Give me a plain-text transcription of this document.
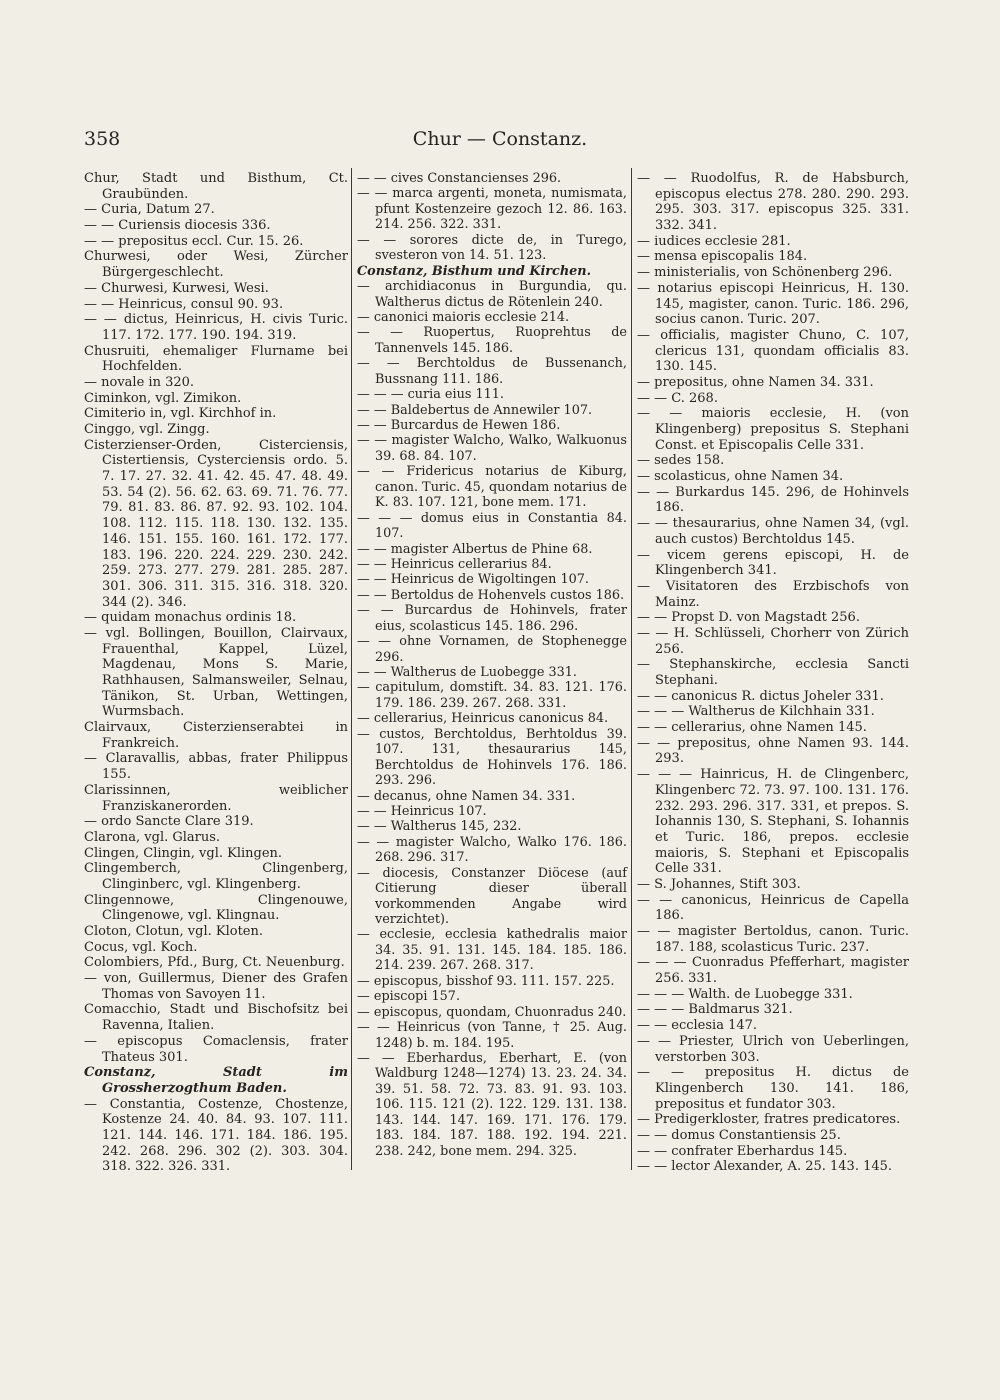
358	Chur — Constanz.

Chur, Stadt und Bisthum, Ct. Graubünden.

— Curia, Datum 27.

— — Curiensis diocesis 336.

— — prepositus eccl. Cur. 15. 26.

Churwesi, oder Wesi, Zürcher Bürgergeschlecht.

— Churwesi, Kurwesi, Wesi.

— — Heinricus, consul 90. 93.

— — dictus, Heinricus, H. civis Turic. 117. 172. 177. 190. 194. 319.

Chusruiti, ehemaliger Flurname bei Hochfelden.

— novale in 320.

Ciminkon, vgl. Zimikon.

Cimiterio in, vgl. Kirchhof in.

Cinggo, vgl. Zingg.

Cisterzienser-Orden, Cisterciensis, Cistertiensis, Cysterciensis ordo. 5. 7. 17. 27. 32. 41. 42. 45. 47. 48. 49. 53. 54 (2). 56. 62. 63. 69. 71. 76. 77. 79. 81. 83. 86. 87. 92. 93. 102. 104. 108. 112. 115. 118. 130. 132. 135. 146. 151. 155. 160. 161. 172. 177. 183. 196. 220. 224. 229. 230. 242. 259. 273. 277. 279. 281. 285. 287. 301. 306. 311. 315. 316. 318. 320. 344 (2). 346.

— quidam monachus ordinis 18.

— vgl. Bollingen, Bouillon, Clairvaux, Frauenthal, Kappel, Lüzel, Magdenau, Mons S. Marie, Rathhausen, Salmansweiler, Selnau, Tänikon, St. Urban, Wettingen, Wurmsbach.

Clairvaux, Cisterzienserabtei in Frankreich.

— Claravallis, abbas, frater Philippus 155.

Clarissinnen, weiblicher Franziskanerorden.

— ordo Sancte Clare 319.

Clarona, vgl. Glarus.

Clingen, Clingin, vgl. Klingen.

Clingemberch, Clingenberg, Clinginberc, vgl. Klingenberg.

Clingennowe, Clingenouwe, Clingenowe, vgl. Klingnau.

Cloton, Clotun, vgl. Kloten.

Cocus, vgl. Koch.

Colombiers, Pfd., Burg, Ct. Neuenburg.

— von, Guillermus, Diener des Grafen Thomas von Savoyen 11.

Comacchio, Stadt und Bischofsitz bei Ravenna, Italien.

— episcopus Comaclensis, frater Thateus 301.

Constanz, Stadt im Grossherzogthum Baden.

— Constantia, Costenze, Chostenze, Kostenze 24. 40. 84. 93. 107. 111. 121. 144. 146. 171. 184. 186. 195. 242. 268. 296. 302 (2). 303. 304. 318. 322. 326. 331.

— — cives Constancienses 296.

— — marca argenti, moneta, numismata, pfunt Kostenzeire gezoch 12. 86. 163. 214. 256. 322. 331.

— — sorores dicte de, in Turego, svesteron von 14. 51. 123.

Constanz, Bisthum und Kirchen.

— archidiaconus in Burgundia, qu. Waltherus dictus de Rötenlein 240.

— canonici maioris ecclesie 214.

— — Ruopertus, Ruoprehtus de Tannenvels 145. 186.

— — Berchtoldus de Bussenanch, Bussnang 111. 186.

— — — curia eius 111.

— — Baldebertus de Annewiler 107.

— — Burcardus de Hewen 186.

— — magister Walcho, Walko, Walkuonus 39. 68. 84. 107.

— — Fridericus notarius de Kiburg, canon. Turic. 45, quondam notarius de K. 83. 107. 121, bone mem. 171.

— — — domus eius in Constantia 84. 107.

— — magister Albertus de Phine 68.

— — Heinricus cellerarius 84.

— — Heinricus de Wigoltingen 107.

— — Bertoldus de Hohenvels custos 186.

— — Burcardus de Hohinvels, frater eius, scolasticus 145. 186. 296.

— — ohne Vornamen, de Stophenegge 296.

— — Waltherus de Luobegge 331.

— capitulum, domstift. 34. 83. 121. 176. 179. 186. 239. 267. 268. 331.

— cellerarius, Heinricus canonicus 84.

— custos, Berchtoldus, Berhtoldus 39. 107. 131, thesaurarius 145, Berchtoldus de Hohinvels 176. 186. 293. 296.

— decanus, ohne Namen 34. 331.

— — Heinricus 107.

— — Waltherus 145, 232.

— — magister Walcho, Walko 176. 186. 268. 296. 317.

— diocesis, Constanzer Diöcese (auf Citierung dieser überall vorkommenden Angabe wird verzichtet).

— ecclesie, ecclesia kathedralis maior 34. 35. 91. 131. 145. 184. 185. 186. 214. 239. 267. 268. 317.

— episcopus, bisshof 93. 111. 157. 225.

— episcopi 157.

— episcopus, quondam, Chuonradus 240.

— — Heinricus (von Tanne, † 25. Aug. 1248) b. m. 184. 195.

— — Eberhardus, Eberhart, E. (von Waldburg 1248—1274) 13. 23. 24. 34. 39. 51. 58. 72. 73. 83. 91. 93. 103. 106. 115. 121 (2). 122. 129. 131. 138. 143. 144. 147. 169. 171. 176. 179. 183. 184. 187. 188. 192. 194. 221. 238. 242, bone mem. 294. 325.

— — Ruodolfus, R. de Habsburch, episcopus electus 278. 280. 290. 293. 295. 303. 317. episcopus 325. 331. 332. 341.

— iudices ecclesie 281.

— mensa episcopalis 184.

— ministerialis, von Schönenberg 296.

— notarius episcopi Heinricus, H. 130. 145, magister, canon. Turic. 186. 296, socius canon. Turic. 207.

— officialis, magister Chuno, C. 107, clericus 131, quondam officialis 83. 130. 145.

— prepositus, ohne Namen 34. 331.

— — C. 268.

— — maioris ecclesie, H. (von Klingenberg) prepositus S. Stephani Const. et Episcopalis Celle 331.

— sedes 158.

— scolasticus, ohne Namen 34.

— — Burkardus 145. 296, de Hohinvels 186.

— — thesaurarius, ohne Namen 34, (vgl. auch custos) Berchtoldus 145.

— vicem gerens episcopi, H. de Klingenberch 341.

— Visitatoren des Erzbischofs von Mainz.

— — Propst D. von Magstadt 256.

— — H. Schlüsseli, Chorherr von Zürich 256.

— Stephanskirche, ecclesia Sancti Stephani.

— — canonicus R. dictus Joheler 331.

— — — Waltherus de Kilchhain 331.

— — cellerarius, ohne Namen 145.

— — prepositus, ohne Namen 93. 144. 293.

— — — Hainricus, H. de Clingenberc, Klingenberc 72. 73. 97. 100. 131. 176. 232. 293. 296. 317. 331, et prepos. S. Iohannis 130, S. Stephani, S. Iohannis et Turic. 186, prepos. ecclesie maioris, S. Stephani et Episcopalis Celle 331.

— S. Johannes, Stift 303.

— — canonicus, Heinricus de Capella 186.

— — magister Bertoldus, canon. Turic. 187. 188, scolasticus Turic. 237.

— — — Cuonradus Pfefferhart, magister 256. 331.

— — — Walth. de Luobegge 331.

— — — Baldmarus 321.

— — ecclesia 147.

— — Priester, Ulrich von Ueberlingen, verstorben 303.

— — prepositus H. dictus de Klingenberch 130. 141. 186, prepositus et fundator 303.

— Predigerkloster, fratres predicatores.

— — domus Constantiensis 25.

— — confrater Eberhardus 145.

— — lector Alexander, A. 25. 143. 145.
